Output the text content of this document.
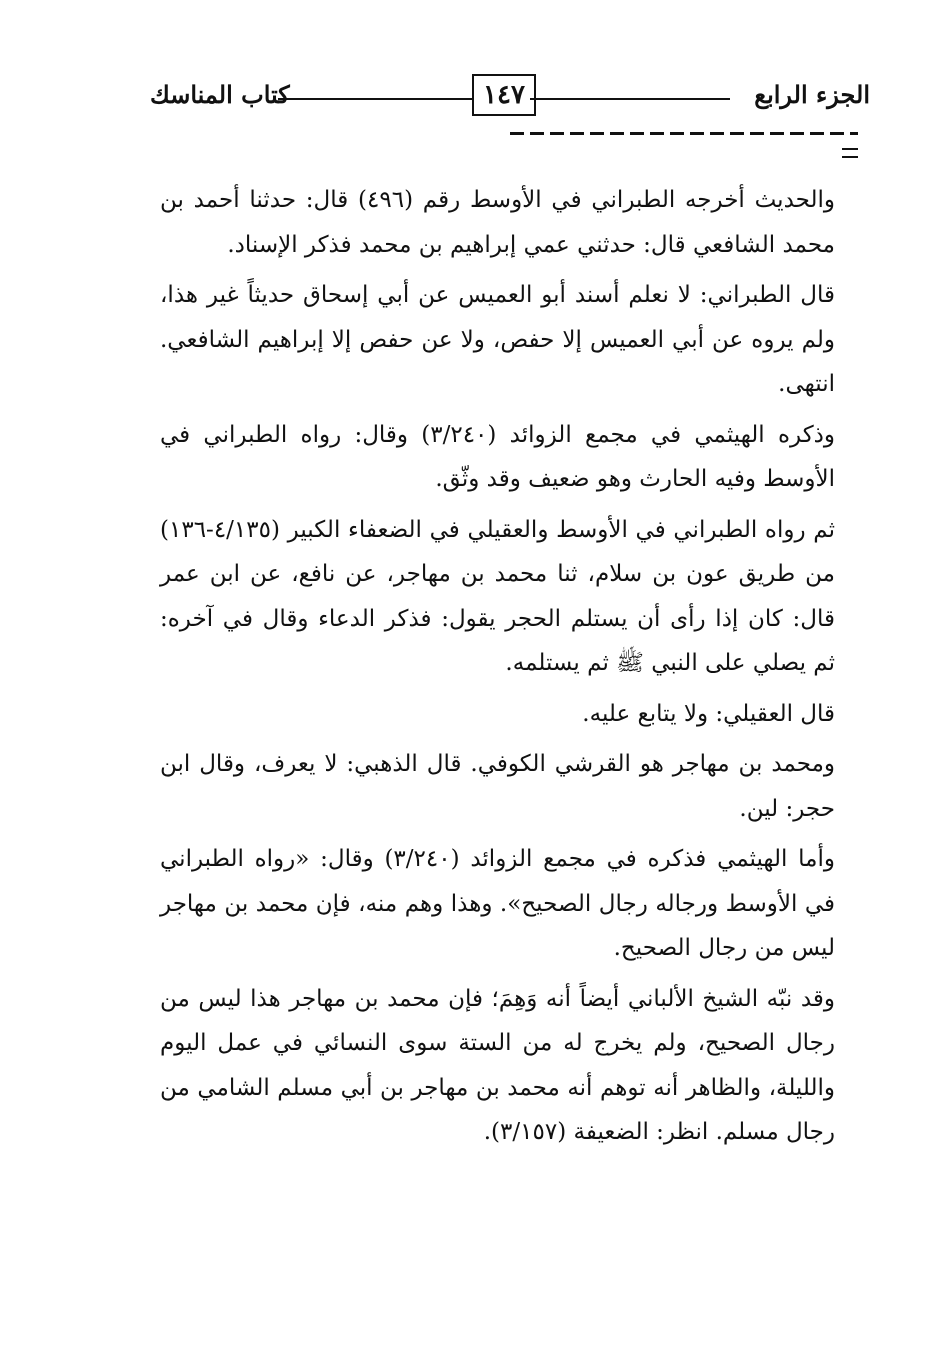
الجزء الرابع
١٤٧
كتاب المناسك

والحديث أخرجه الطبراني في الأوسط رقم (٤٩٦) قال: حدثنا أحمد بن محمد الشافعي قال: حدثني عمي إبراهيم بن محمد فذكر الإسناد.

قال الطبراني: لا نعلم أسند أبو العميس عن أبي إسحاق حديثاً غير هذا، ولم يروه عن أبي العميس إلا حفص، ولا عن حفص إلا إبراهيم الشافعي. انتهى.

وذكره الهيثمي في مجمع الزوائد (٣/٢٤٠) وقال: رواه الطبراني في الأوسط وفيه الحارث وهو ضعيف وقد وثّق.

ثم رواه الطبراني في الأوسط والعقيلي في الضعفاء الكبير (٤/١٣٥-١٣٦) من طريق عون بن سلام، ثنا محمد بن مهاجر، عن نافع، عن ابن عمر قال: كان إذا رأى أن يستلم الحجر يقول: فذكر الدعاء وقال في آخره: ثم يصلي على النبي ﷺ ثم يستلمه.

قال العقيلي: ولا يتابع عليه.

ومحمد بن مهاجر هو القرشي الكوفي. قال الذهبي: لا يعرف، وقال ابن حجر: لين.

وأما الهيثمي فذكره في مجمع الزوائد (٣/٢٤٠) وقال: «رواه الطبراني في الأوسط ورجاله رجال الصحيح». وهذا وهم منه، فإن محمد بن مهاجر ليس من رجال الصحيح.

وقد نبّه الشيخ الألباني أيضاً أنه وَهِمَ؛ فإن محمد بن مهاجر هذا ليس من رجال الصحيح، ولم يخرج له من الستة سوى النسائي في عمل اليوم والليلة، والظاهر أنه توهم أنه محمد بن مهاجر بن أبي مسلم الشامي من رجال مسلم. انظر: الضعيفة (٣/١٥٧).
